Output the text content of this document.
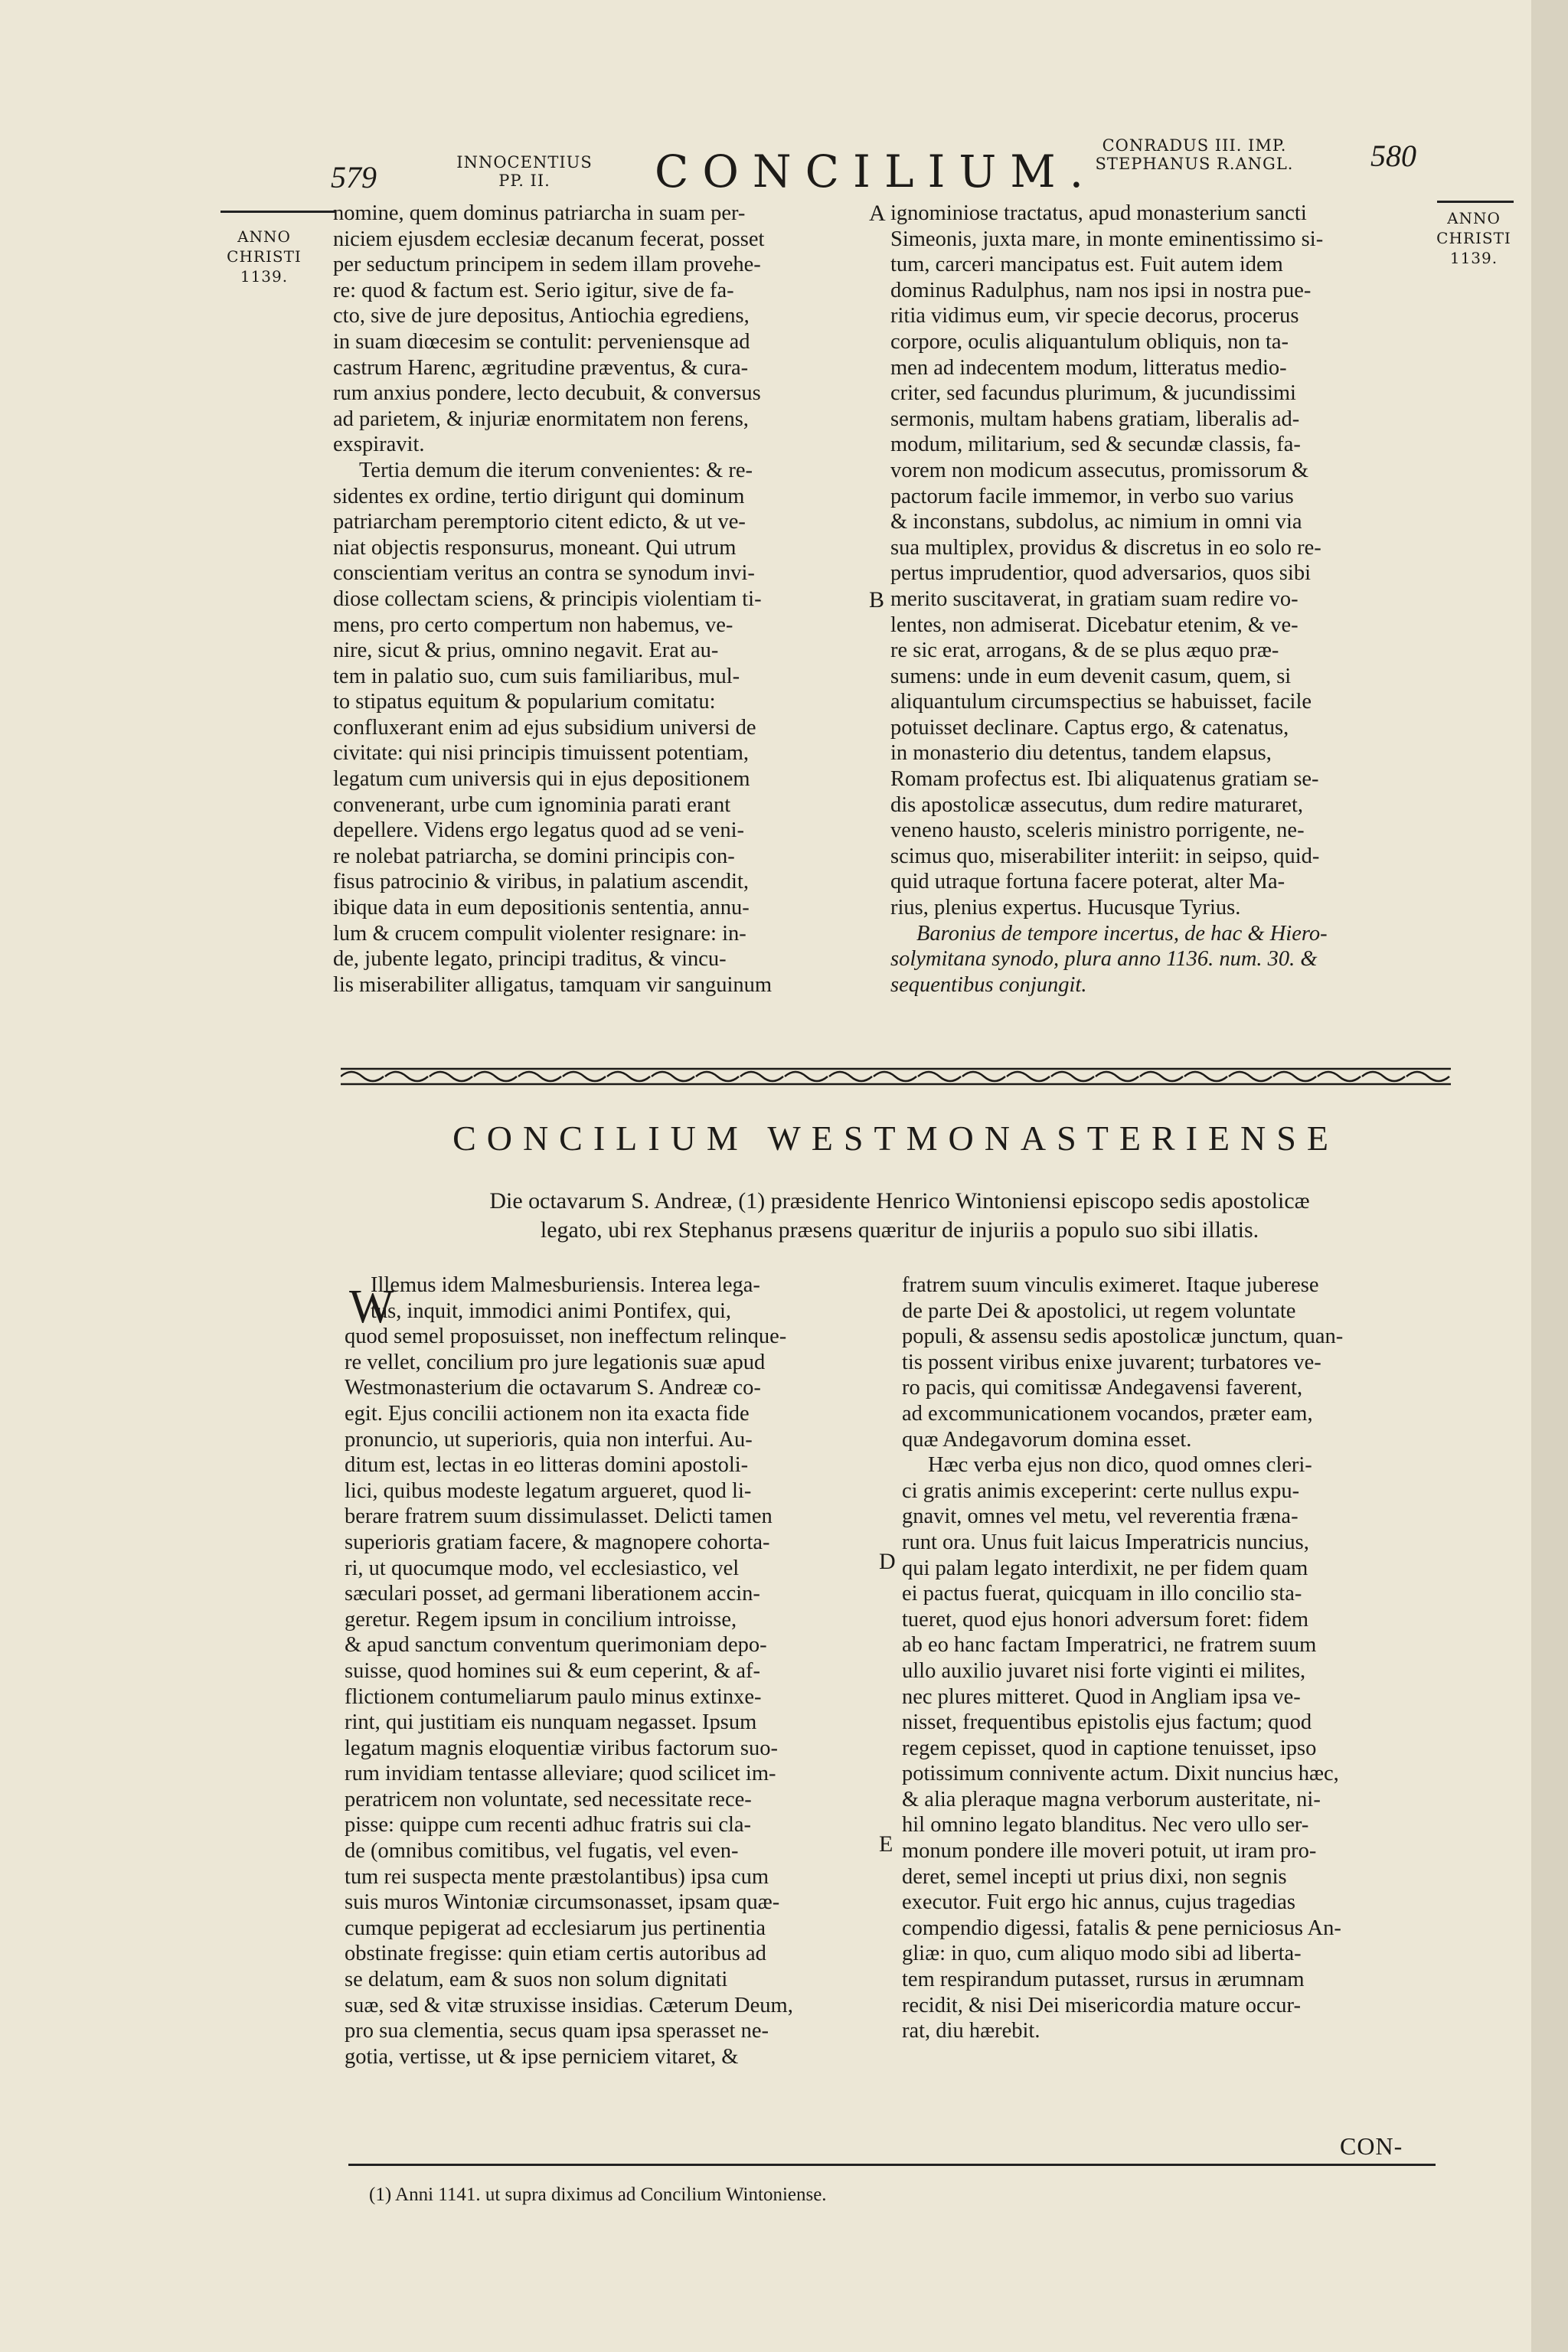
579	INNOCENTIUS
PP. II.	CONCILIUM. CONRADUS III. IMP.
STEPHANUS R.ANGL.	580
ANNO
CHRISTI
1139.
ANNO
CHRISTI
1139.
nomine, quem dominus patriarcha in suam per-
niciem ejusdem ecclesiæ decanum fecerat, posset
per seductum principem in sedem illam provehe-
re: quod & factum est. Serio igitur, sive de fa-
cto, sive de jure depositus, Antiochia egrediens,
in suam diœcesim se contulit: perveniensque ad
castrum Harenc, ægritudine præventus, & cura-
rum anxius pondere, lecto decubuit, & conversus
ad parietem, & injuriæ enormitatem non ferens,
exspiravit.
Tertia demum die iterum convenientes: & re-
sidentes ex ordine, tertio dirigunt qui dominum
patriarcham peremptorio citent edicto, & ut ve-
niat objectis responsurus, moneant. Qui utrum
conscientiam veritus an contra se synodum invi-
diose collectam sciens, & principis violentiam ti-
mens, pro certo compertum non habemus, ve-
nire, sicut & prius, omnino negavit. Erat au-
tem in palatio suo, cum suis familiaribus, mul-
to stipatus equitum & popularium comitatu:
confluxerant enim ad ejus subsidium universi de
civitate: qui nisi principis timuissent potentiam,
legatum cum universis qui in ejus depositionem
convenerant, urbe cum ignominia parati erant
depellere. Videns ergo legatus quod ad se veni-
re nolebat patriarcha, se domini principis con-
fisus patrocinio & viribus, in palatium ascendit,
ibique data in eum depositionis sententia, annu-
lum & crucem compulit violenter resignare: in-
de, jubente legato, principi traditus, & vincu-
lis miserabiliter alligatus, tamquam vir sanguinum
A
B
ignominiose tractatus, apud monasterium sancti
Simeonis, juxta mare, in monte eminentissimo si-
tum, carceri mancipatus est. Fuit autem idem
dominus Radulphus, nam nos ipsi in nostra pue-
ritia vidimus eum, vir specie decorus, procerus
corpore, oculis aliquantulum obliquis, non ta-
men ad indecentem modum, litteratus medio-
criter, sed facundus plurimum, & jucundissimi
sermonis, multam habens gratiam, liberalis ad-
modum, militarium, sed & secundæ classis, fa-
vorem non modicum assecutus, promissorum &
pactorum facile immemor, in verbo suo varius
& inconstans, subdolus, ac nimium in omni via
sua multiplex, providus & discretus in eo solo re-
pertus imprudentior, quod adversarios, quos sibi
merito suscitaverat, in gratiam suam redire vo-
lentes, non admiserat. Dicebatur etenim, & ve-
re sic erat, arrogans, & de se plus æquo præ-
sumens: unde in eum devenit casum, quem, si
aliquantulum circumspectius se habuisset, facile
potuisset declinare. Captus ergo, & catenatus,
in monasterio diu detentus, tandem elapsus,
Romam profectus est. Ibi aliquatenus gratiam se-
dis apostolicæ assecutus, dum redire maturaret,
veneno hausto, sceleris ministro porrigente, ne-
scimus quo, miserabiliter interiit: in seipso, quid-
quid utraque fortuna facere poterat, alter Ma-
rius, plenius expertus. Hucusque Tyrius.
Baronius de tempore incertus, de hac & Hiero-
solymitana synodo, plura anno 1136. num. 30. &
sequentibus conjungit.
CONCILIUM WESTMONASTERIENSE
Die octavarum S. Andreæ, (1) præsidente Henrico Wintoniensi episcopo sedis apostolicæ
legato, ubi rex Stephanus præsens quæritur de injuriis a populo suo sibi illatis.
W
Illemus idem Malmesburiensis. Interea lega-
tus, inquit, immodici animi Pontifex, qui,
quod semel proposuisset, non ineffectum relinque-
re vellet, concilium pro jure legationis suæ apud
Westmonasterium die octavarum S. Andreæ co-
egit. Ejus concilii actionem non ita exacta fide
pronuncio, ut superioris, quia non interfui. Au-
ditum est, lectas in eo litteras domini apostoli-
lici, quibus modeste legatum argueret, quod li-
berare fratrem suum dissimulasset. Delicti tamen
superioris gratiam facere, & magnopere cohorta-
ri, ut quocumque modo, vel ecclesiastico, vel
sæculari posset, ad germani liberationem accin-
geretur. Regem ipsum in concilium introisse,
& apud sanctum conventum querimoniam depo-
suisse, quod homines sui & eum ceperint, & af-
flictionem contumeliarum paulo minus extinxe-
rint, qui justitiam eis nunquam negasset. Ipsum
legatum magnis eloquentiæ viribus factorum suo-
rum invidiam tentasse alleviare; quod scilicet im-
peratricem non voluntate, sed necessitate rece-
pisse: quippe cum recenti adhuc fratris sui cla-
de (omnibus comitibus, vel fugatis, vel even-
tum rei suspecta mente præstolantibus) ipsa cum
suis muros Wintoniæ circumsonasset, ipsam quæ-
cumque pepigerat ad ecclesiarum jus pertinentia
obstinate fregisse: quin etiam certis autoribus ad
se delatum, eam & suos non solum dignitati
suæ, sed & vitæ struxisse insidias. Cæterum Deum,
pro sua clementia, secus quam ipsa sperasset ne-
gotia, vertisse, ut & ipse perniciem vitaret, &
D
E
fratrem suum vinculis eximeret. Itaque juberese
de parte Dei & apostolici, ut regem voluntate
populi, & assensu sedis apostolicæ junctum, quan-
tis possent viribus enixe juvarent; turbatores ve-
ro pacis, qui comitissæ Andegavensi faverent,
ad excommunicationem vocandos, præter eam,
quæ Andegavorum domina esset.
Hæc verba ejus non dico, quod omnes cleri-
ci gratis animis exceperint: certe nullus expu-
gnavit, omnes vel metu, vel reverentia fræna-
runt ora. Unus fuit laicus Imperatricis nuncius,
qui palam legato interdixit, ne per fidem quam
ei pactus fuerat, quicquam in illo concilio sta-
tueret, quod ejus honori adversum foret: fidem
ab eo hanc factam Imperatrici, ne fratrem suum
ullo auxilio juvaret nisi forte viginti ei milites,
nec plures mitteret. Quod in Angliam ipsa ve-
nisset, frequentibus epistolis ejus factum; quod
regem cepisset, quod in captione tenuisset, ipso
potissimum connivente actum. Dixit nuncius hæc,
& alia pleraque magna verborum austeritate, ni-
hil omnino legato blanditus. Nec vero ullo ser-
monum pondere ille moveri potuit, ut iram pro-
deret, semel incepti ut prius dixi, non segnis
executor. Fuit ergo hic annus, cujus tragedias
compendio digessi, fatalis & pene perniciosus An-
gliæ: in quo, cum aliquo modo sibi ad liberta-
tem respirandum putasset, rursus in ærumnam
recidit, & nisi Dei misericordia mature occur-
rat, diu hærebit.
CON-
(1) Anni 1141. ut supra diximus ad Concilium Wintoniense.
